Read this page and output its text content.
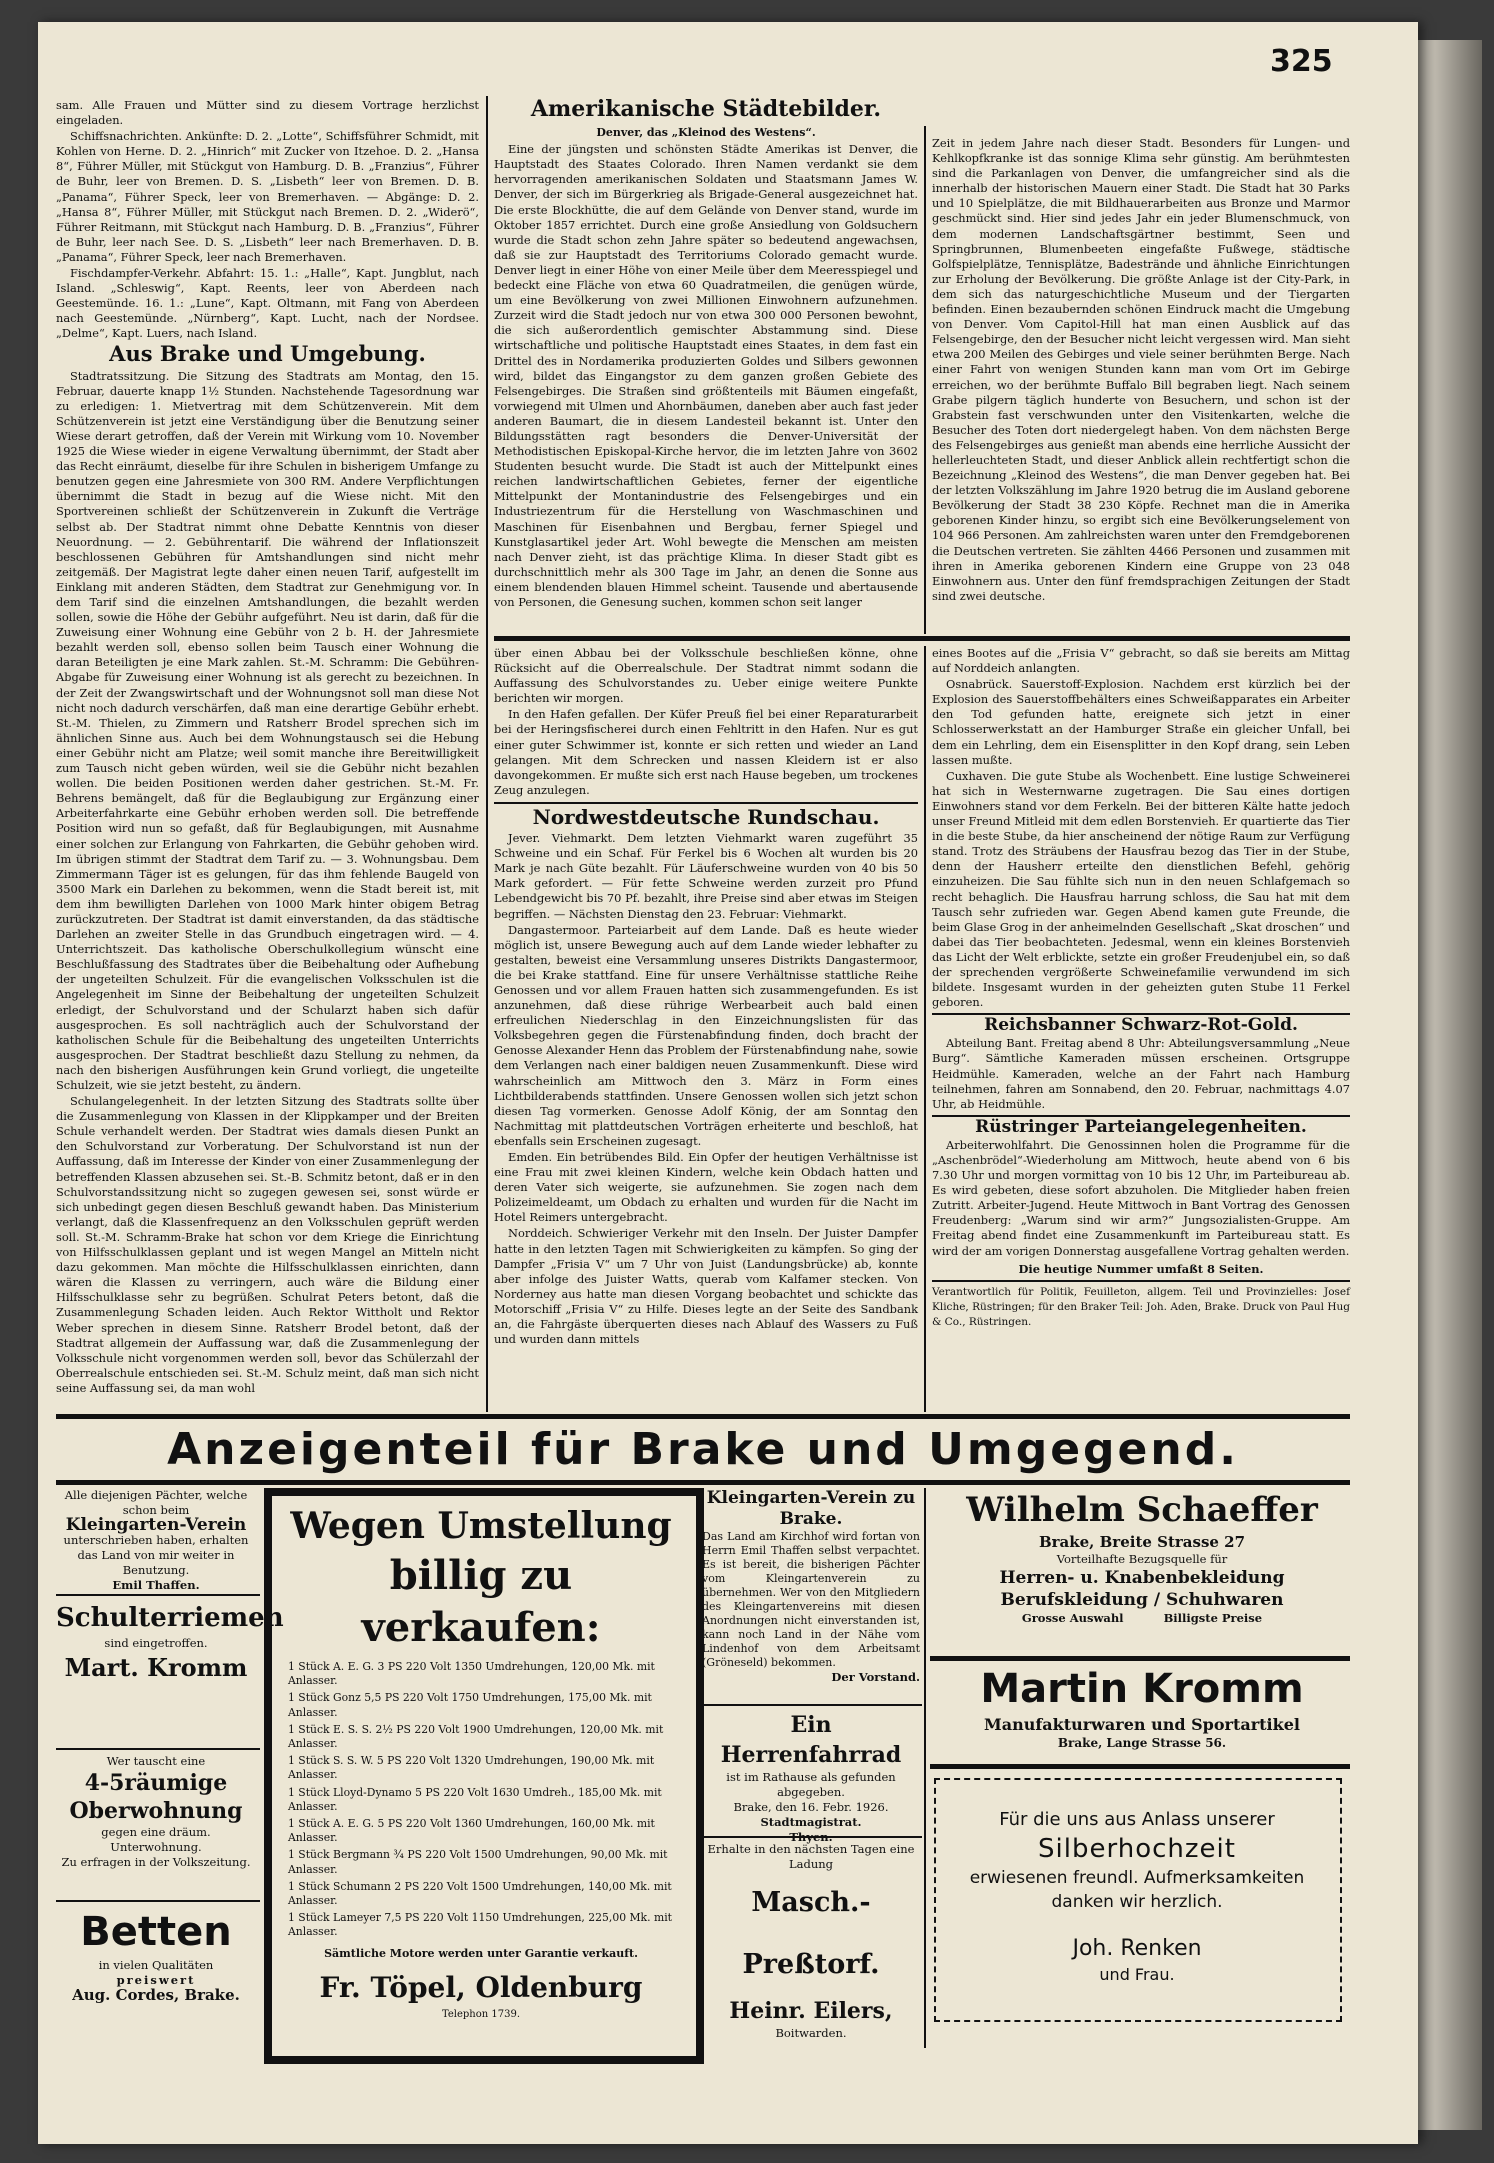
325

sam. Alle Frauen und Mütter sind zu diesem Vortrage herzlichst eingeladen.

Schiffsnachrichten. Ankünfte: D. 2. „Lotte“, Schiffsführer Schmidt, mit Kohlen von Herne. D. 2. „Hinrich“ mit Zucker von Itzehoe. D. 2. „Hansa 8“, Führer Müller, mit Stückgut von Hamburg. D. B. „Franzius“, Führer de Buhr, leer von Bremen. D. S. „Lisbeth“ leer von Bremen. D. B. „Panama“, Führer Speck, leer von Bremerhaven. — Abgänge: D. 2. „Hansa 8“, Führer Müller, mit Stückgut nach Bremen. D. 2. „Widerö“, Führer Reitmann, mit Stückgut nach Hamburg. D. B. „Franzius“, Führer de Buhr, leer nach See. D. S. „Lisbeth“ leer nach Bremerhaven. D. B. „Panama“, Führer Speck, leer nach Bremerhaven.

Fischdampfer-Verkehr. Abfahrt: 15. 1.: „Halle“, Kapt. Jungblut, nach Island. „Schleswig“, Kapt. Reents, leer von Aberdeen nach Geestemünde. 16. 1.: „Lune“, Kapt. Oltmann, mit Fang von Aberdeen nach Geestemünde. „Nürnberg“, Kapt. Lucht, nach der Nordsee. „Delme“, Kapt. Luers, nach Island.

Aus Brake und Umgebung.

Stadtratssitzung. Die Sitzung des Stadtrats am Montag, den 15. Februar, dauerte knapp 1½ Stunden. Nachstehende Tagesordnung war zu erledigen: 1. Mietvertrag mit dem Schützenverein. Mit dem Schützenverein ist jetzt eine Verständigung über die Benutzung seiner Wiese derart getroffen, daß der Verein mit Wirkung vom 10. November 1925 die Wiese wieder in eigene Verwaltung übernimmt, der Stadt aber das Recht einräumt, dieselbe für ihre Schulen in bisherigem Umfange zu benutzen gegen eine Jahresmiete von 300 RM. Andere Verpflichtungen übernimmt die Stadt in bezug auf die Wiese nicht. Mit den Sportvereinen schließt der Schützenverein in Zukunft die Verträge selbst ab. Der Stadtrat nimmt ohne Debatte Kenntnis von dieser Neuordnung. — 2. Gebührentarif. Die während der Inflationszeit beschlossenen Gebühren für Amtshandlungen sind nicht mehr zeitgemäß. Der Magistrat legte daher einen neuen Tarif, aufgestellt im Einklang mit anderen Städten, dem Stadtrat zur Genehmigung vor. In dem Tarif sind die einzelnen Amtshandlungen, die bezahlt werden sollen, sowie die Höhe der Gebühr aufgeführt. Neu ist darin, daß für die Zuweisung einer Wohnung eine Gebühr von 2 b. H. der Jahresmiete bezahlt werden soll, ebenso sollen beim Tausch einer Wohnung die daran Beteiligten je eine Mark zahlen. St.-M. Schramm: Die Gebühren-Abgabe für Zuweisung einer Wohnung ist als gerecht zu bezeichnen. In der Zeit der Zwangswirtschaft und der Wohnungsnot soll man diese Not nicht noch dadurch verschärfen, daß man eine derartige Gebühr erhebt. St.-M. Thielen, zu Zimmern und Ratsherr Brodel sprechen sich im ähnlichen Sinne aus. Auch bei dem Wohnungstausch sei die Hebung einer Gebühr nicht am Platze; weil somit manche ihre Bereitwilligkeit zum Tausch nicht geben würden, weil sie die Gebühr nicht bezahlen wollen. Die beiden Positionen werden daher gestrichen. St.-M. Fr. Behrens bemängelt, daß für die Beglaubigung zur Ergänzung einer Arbeiterfahrkarte eine Gebühr erhoben werden soll. Die betreffende Position wird nun so gefaßt, daß für Beglaubigungen, mit Ausnahme einer solchen zur Erlangung von Fahrkarten, die Gebühr gehoben wird. Im übrigen stimmt der Stadtrat dem Tarif zu. — 3. Wohnungsbau. Dem Zimmermann Täger ist es gelungen, für das ihm fehlende Baugeld von 3500 Mark ein Darlehen zu bekommen, wenn die Stadt bereit ist, mit dem ihm bewilligten Darlehen von 1000 Mark hinter obigem Betrag zurückzutreten. Der Stadtrat ist damit einverstanden, da das städtische Darlehen an zweiter Stelle in das Grundbuch eingetragen wird. — 4. Unterrichtszeit. Das katholische Oberschulkollegium wünscht eine Beschlußfassung des Stadtrates über die Beibehaltung oder Aufhebung der ungeteilten Schulzeit. Für die evangelischen Volksschulen ist die Angelegenheit im Sinne der Beibehaltung der ungeteilten Schulzeit erledigt, der Schulvorstand und der Schularzt haben sich dafür ausgesprochen. Es soll nachträglich auch der Schulvorstand der katholischen Schule für die Beibehaltung des ungeteilten Unterrichts ausgesprochen. Der Stadtrat beschließt dazu Stellung zu nehmen, da nach den bisherigen Ausführungen kein Grund vorliegt, die ungeteilte Schulzeit, wie sie jetzt besteht, zu ändern.

Schulangelegenheit. In der letzten Sitzung des Stadtrats sollte über die Zusammenlegung von Klassen in der Klippkamper und der Breiten Schule verhandelt werden. Der Stadtrat wies damals diesen Punkt an den Schulvorstand zur Vorberatung. Der Schulvorstand ist nun der Auffassung, daß im Interesse der Kinder von einer Zusammenlegung der betreffenden Klassen abzusehen sei. St.-B. Schmitz betont, daß er in den Schulvorstandssitzung nicht so zugegen gewesen sei, sonst würde er sich unbedingt gegen diesen Beschluß gewandt haben. Das Ministerium verlangt, daß die Klassenfrequenz an den Volksschulen geprüft werden soll. St.-M. Schramm-Brake hat schon vor dem Kriege die Einrichtung von Hilfsschulklassen geplant und ist wegen Mangel an Mitteln nicht dazu gekommen. Man möchte die Hilfsschulklassen einrichten, dann wären die Klassen zu verringern, auch wäre die Bildung einer Hilfsschulklasse sehr zu begrüßen. Schulrat Peters betont, daß die Zusammenlegung Schaden leiden. Auch Rektor Wittholt und Rektor Weber sprechen in diesem Sinne. Ratsherr Brodel betont, daß der Stadtrat allgemein der Auffassung war, daß die Zusammenlegung der Volksschule nicht vorgenommen werden soll, bevor das Schülerzahl der Oberrealschule entschieden sei. St.-M. Schulz meint, daß man sich nicht seine Auffassung sei, da man wohl

Amerikanische Städtebilder.
Denver, das „Kleinod des Westens“.

Eine der jüngsten und schönsten Städte Amerikas ist Denver, die Hauptstadt des Staates Colorado. Ihren Namen verdankt sie dem hervorragenden amerikanischen Soldaten und Staatsmann James W. Denver, der sich im Bürgerkrieg als Brigade-General ausgezeichnet hat. Die erste Blockhütte, die auf dem Gelände von Denver stand, wurde im Oktober 1857 errichtet. Durch eine große Ansiedlung von Goldsuchern wurde die Stadt schon zehn Jahre später so bedeutend angewachsen, daß sie zur Hauptstadt des Territoriums Colorado gemacht wurde. Denver liegt in einer Höhe von einer Meile über dem Meeresspiegel und bedeckt eine Fläche von etwa 60 Quadratmeilen, die genügen würde, um eine Bevölkerung von zwei Millionen Einwohnern aufzunehmen. Zurzeit wird die Stadt jedoch nur von etwa 300 000 Personen bewohnt, die sich außerordentlich gemischter Abstammung sind. Diese wirtschaftliche und politische Hauptstadt eines Staates, in dem fast ein Drittel des in Nordamerika produzierten Goldes und Silbers gewonnen wird, bildet das Eingangstor zu dem ganzen großen Gebiete des Felsengebirges. Die Straßen sind größtenteils mit Bäumen eingefaßt, vorwiegend mit Ulmen und Ahornbäumen, daneben aber auch fast jeder anderen Baumart, die in diesem Landesteil bekannt ist. Unter den Bildungsstätten ragt besonders die Denver-Universität der Methodistischen Episkopal-Kirche hervor, die im letzten Jahre von 3602 Studenten besucht wurde. Die Stadt ist auch der Mittelpunkt eines reichen landwirtschaftlichen Gebietes, ferner der eigentliche Mittelpunkt der Montanindustrie des Felsengebirges und ein Industriezentrum für die Herstellung von Waschmaschinen und Maschinen für Eisenbahnen und Bergbau, ferner Spiegel und Kunstglasartikel jeder Art. Wohl bewegte die Menschen am meisten nach Denver zieht, ist das prächtige Klima. In dieser Stadt gibt es durchschnittlich mehr als 300 Tage im Jahr, an denen die Sonne aus einem blendenden blauen Himmel scheint. Tausende und abertausende von Personen, die Genesung suchen, kommen schon seit langer

Zeit in jedem Jahre nach dieser Stadt. Besonders für Lungen- und Kehlkopfkranke ist das sonnige Klima sehr günstig. Am berühmtesten sind die Parkanlagen von Denver, die umfangreicher sind als die innerhalb der historischen Mauern einer Stadt. Die Stadt hat 30 Parks und 10 Spielplätze, die mit Bildhauerarbeiten aus Bronze und Marmor geschmückt sind. Hier sind jedes Jahr ein jeder Blumenschmuck, von dem modernen Landschaftsgärtner bestimmt, Seen und Springbrunnen, Blumenbeeten eingefaßte Fußwege, städtische Golfspielplätze, Tennisplätze, Badestrände und ähnliche Einrichtungen zur Erholung der Bevölkerung. Die größte Anlage ist der City-Park, in dem sich das naturgeschichtliche Museum und der Tiergarten befinden. Einen bezaubernden schönen Eindruck macht die Umgebung von Denver. Vom Capitol-Hill hat man einen Ausblick auf das Felsengebirge, den der Besucher nicht leicht vergessen wird. Man sieht etwa 200 Meilen des Gebirges und viele seiner berühmten Berge. Nach einer Fahrt von wenigen Stunden kann man vom Ort im Gebirge erreichen, wo der berühmte Buffalo Bill begraben liegt. Nach seinem Grabe pilgern täglich hunderte von Besuchern, und schon ist der Grabstein fast verschwunden unter den Visitenkarten, welche die Besucher des Toten dort niedergelegt haben. Von dem nächsten Berge des Felsengebirges aus genießt man abends eine herrliche Aussicht der hellerleuchteten Stadt, und dieser Anblick allein rechtfertigt schon die Bezeichnung „Kleinod des Westens“, die man Denver gegeben hat. Bei der letzten Volkszählung im Jahre 1920 betrug die im Ausland geborene Bevölkerung der Stadt 38 230 Köpfe. Rechnet man die in Amerika geborenen Kinder hinzu, so ergibt sich eine Bevölkerungselement von 104 966 Personen. Am zahlreichsten waren unter den Fremdgeborenen die Deutschen vertreten. Sie zählten 4466 Personen und zusammen mit ihren in Amerika geborenen Kindern eine Gruppe von 23 048 Einwohnern aus. Unter den fünf fremdsprachigen Zeitungen der Stadt sind zwei deutsche.

über einen Abbau bei der Volksschule beschließen könne, ohne Rücksicht auf die Oberrealschule. Der Stadtrat nimmt sodann die Auffassung des Schulvorstandes zu. Ueber einige weitere Punkte berichten wir morgen.

In den Hafen gefallen. Der Küfer Preuß fiel bei einer Reparaturarbeit bei der Heringsfischerei durch einen Fehltritt in den Hafen. Nur es gut einer guter Schwimmer ist, konnte er sich retten und wieder an Land gelangen. Mit dem Schrecken und nassen Kleidern ist er also davongekommen. Er mußte sich erst nach Hause begeben, um trockenes Zeug anzulegen.

Nordwestdeutsche Rundschau.

Jever. Viehmarkt. Dem letzten Viehmarkt waren zugeführt 35 Schweine und ein Schaf. Für Ferkel bis 6 Wochen alt wurden bis 20 Mark je nach Güte bezahlt. Für Läuferschweine wurden von 40 bis 50 Mark gefordert. — Für fette Schweine werden zurzeit pro Pfund Lebendgewicht bis 70 Pf. bezahlt, ihre Preise sind aber etwas im Steigen begriffen. — Nächsten Dienstag den 23. Februar: Viehmarkt.

Dangastermoor. Parteiarbeit auf dem Lande. Daß es heute wieder möglich ist, unsere Bewegung auch auf dem Lande wieder lebhafter zu gestalten, beweist eine Versammlung unseres Distrikts Dangastermoor, die bei Krake stattfand. Eine für unsere Verhältnisse stattliche Reihe Genossen und vor allem Frauen hatten sich zusammengefunden. Es ist anzunehmen, daß diese rührige Werbearbeit auch bald einen erfreulichen Niederschlag in den Einzeichnungslisten für das Volksbegehren gegen die Fürstenabfindung finden, doch bracht der Genosse Alexander Henn das Problem der Fürstenabfindung nahe, sowie dem Verlangen nach einer baldigen neuen Zusammenkunft. Diese wird wahrscheinlich am Mittwoch den 3. März in Form eines Lichtbilderabends stattfinden. Unsere Genossen wollen sich jetzt schon diesen Tag vormerken. Genosse Adolf König, der am Sonntag den Nachmittag mit plattdeutschen Vorträgen erheiterte und beschloß, hat ebenfalls sein Erscheinen zugesagt.

Emden. Ein betrübendes Bild. Ein Opfer der heutigen Verhältnisse ist eine Frau mit zwei kleinen Kindern, welche kein Obdach hatten und deren Vater sich weigerte, sie aufzunehmen. Sie zogen nach dem Polizeimeldeamt, um Obdach zu erhalten und wurden für die Nacht im Hotel Reimers untergebracht.

Norddeich. Schwieriger Verkehr mit den Inseln. Der Juister Dampfer hatte in den letzten Tagen mit Schwierigkeiten zu kämpfen. So ging der Dampfer „Frisia V“ um 7 Uhr von Juist (Landungsbrücke) ab, konnte aber infolge des Juister Watts, querab vom Kalfamer stecken. Von Norderney aus hatte man diesen Vorgang beobachtet und schickte das Motorschiff „Frisia V“ zu Hilfe. Dieses legte an der Seite des Sandbank an, die Fahrgäste überquerten dieses nach Ablauf des Wassers zu Fuß und wurden dann mittels

eines Bootes auf die „Frisia V“ gebracht, so daß sie bereits am Mittag auf Norddeich anlangten.

Osnabrück. Sauerstoff-Explosion. Nachdem erst kürzlich bei der Explosion des Sauerstoffbehälters eines Schweißapparates ein Arbeiter den Tod gefunden hatte, ereignete sich jetzt in einer Schlosserwerkstatt an der Hamburger Straße ein gleicher Unfall, bei dem ein Lehrling, dem ein Eisensplitter in den Kopf drang, sein Leben lassen mußte.

Cuxhaven. Die gute Stube als Wochenbett. Eine lustige Schweinerei hat sich in Westernwarne zugetragen. Die Sau eines dortigen Einwohners stand vor dem Ferkeln. Bei der bitteren Kälte hatte jedoch unser Freund Mitleid mit dem edlen Borstenvieh. Er quartierte das Tier in die beste Stube, da hier anscheinend der nötige Raum zur Verfügung stand. Trotz des Sträubens der Hausfrau bezog das Tier in der Stube, denn der Hausherr erteilte den dienstlichen Befehl, gehörig einzuheizen. Die Sau fühlte sich nun in den neuen Schlafgemach so recht behaglich. Die Hausfrau harrung schloss, die Sau hat mit dem Tausch sehr zufrieden war. Gegen Abend kamen gute Freunde, die beim Glase Grog in der anheimelnden Gesellschaft „Skat droschen“ und dabei das Tier beobachteten. Jedesmal, wenn ein kleines Borstenvieh das Licht der Welt erblickte, setzte ein großer Freudenjubel ein, so daß der sprechenden vergrößerte Schweinefamilie verwundend im sich bildete. Insgesamt wurden in der geheizten guten Stube 11 Ferkel geboren.

Reichsbanner Schwarz-Rot-Gold.

Abteilung Bant. Freitag abend 8 Uhr: Abteilungsversammlung „Neue Burg“. Sämtliche Kameraden müssen erscheinen. Ortsgruppe Heidmühle. Kameraden, welche an der Fahrt nach Hamburg teilnehmen, fahren am Sonnabend, den 20. Februar, nachmittags 4.07 Uhr, ab Heidmühle.

Rüstringer Parteiangelegenheiten.

Arbeiterwohlfahrt. Die Genossinnen holen die Programme für die „Aschenbrödel“-Wiederholung am Mittwoch, heute abend von 6 bis 7.30 Uhr und morgen vormittag von 10 bis 12 Uhr, im Parteibureau ab. Es wird gebeten, diese sofort abzuholen. Die Mitglieder haben freien Zutritt. Arbeiter-Jugend. Heute Mittwoch in Bant Vortrag des Genossen Freudenberg: „Warum sind wir arm?“ Jungsozialisten-Gruppe. Am Freitag abend findet eine Zusammenkunft im Parteibureau statt. Es wird der am vorigen Donnerstag ausgefallene Vortrag gehalten werden.

Die heutige Nummer umfaßt 8 Seiten.

Verantwortlich für Politik, Feuilleton, allgem. Teil und Provinzielles: Josef Kliche, Rüstringen; für den Braker Teil: Joh. Aden, Brake. Druck von Paul Hug & Co., Rüstringen.

Anzeigenteil für Brake und Umgegend.
Alle diejenigen Pächter, welche schon beim
Kleingarten-Verein
unterschrieben haben, erhalten das Land von mir weiter in Benutzung.
Emil Thaffen.
Schulterriemen
sind eingetroffen.
Mart. Kromm
Wer tauscht eine
4-5räumige Oberwohnung
gegen eine dräum. Unterwohnung.
Zu erfragen in der Volkszeitung.
Betten
in vielen Qualitäten
preiswert
Aug. Cordes, Brake.
Wegen Umstellung
billig zu verkaufen:
1 Stück A. E. G. 3 PS 220 Volt 1350 Umdrehungen, 120,00 Mk. mit Anlasser.
1 Stück Gonz 5,5 PS 220 Volt 1750 Umdrehungen, 175,00 Mk. mit Anlasser.
1 Stück E. S. S. 2½ PS 220 Volt 1900 Umdrehungen, 120,00 Mk. mit Anlasser.
1 Stück S. S. W. 5 PS 220 Volt 1320 Umdrehungen, 190,00 Mk. mit Anlasser.
1 Stück Lloyd-Dynamo 5 PS 220 Volt 1630 Umdreh., 185,00 Mk. mit Anlasser.
1 Stück A. E. G. 5 PS 220 Volt 1360 Umdrehungen, 160,00 Mk. mit Anlasser.
1 Stück Bergmann ¾ PS 220 Volt 1500 Umdrehungen, 90,00 Mk. mit Anlasser.
1 Stück Schumann 2 PS 220 Volt 1500 Umdrehungen, 140,00 Mk. mit Anlasser.
1 Stück Lameyer 7,5 PS 220 Volt 1150 Umdrehungen, 225,00 Mk. mit Anlasser.
Sämtliche Motore werden unter Garantie verkauft.
Fr. Töpel, Oldenburg
Telephon 1739.
Kleingarten-Verein zu Brake.
Das Land am Kirchhof wird fortan von Herrn Emil Thaffen selbst verpachtet. Es ist bereit, die bisherigen Pächter vom Kleingartenverein zu übernehmen. Wer von den Mitgliedern des Kleingartenvereins mit diesen Anordnungen nicht einverstanden ist, kann noch Land in der Nähe vom Lindenhof von dem Arbeitsamt (Gröneseld) bekommen.
Der Vorstand.
Ein Herrenfahrrad
ist im Rathause als gefunden abgegeben.
Brake, den 16. Febr. 1926.
Stadtmagistrat.
Erhalte in den nächsten Tagen eine Ladung
Masch.-Preßtorf.
Heinr. Eilers,
Boitwarden.
Wilhelm Schaeffer
Brake, Breite Strasse 27
Vorteilhafte Bezugsquelle für
Herren- u. Knabenbekleidung
Berufskleidung / Schuhwaren
Grosse Auswahl	Billigste Preise
Martin Kromm
Manufakturwaren und Sportartikel
Brake, Lange Strasse 56.
Für die uns aus Anlass unserer
Silberhochzeit
erwiesenen freundl. Aufmerksamkeiten danken wir herzlich.
Joh. Renken
und Frau.
